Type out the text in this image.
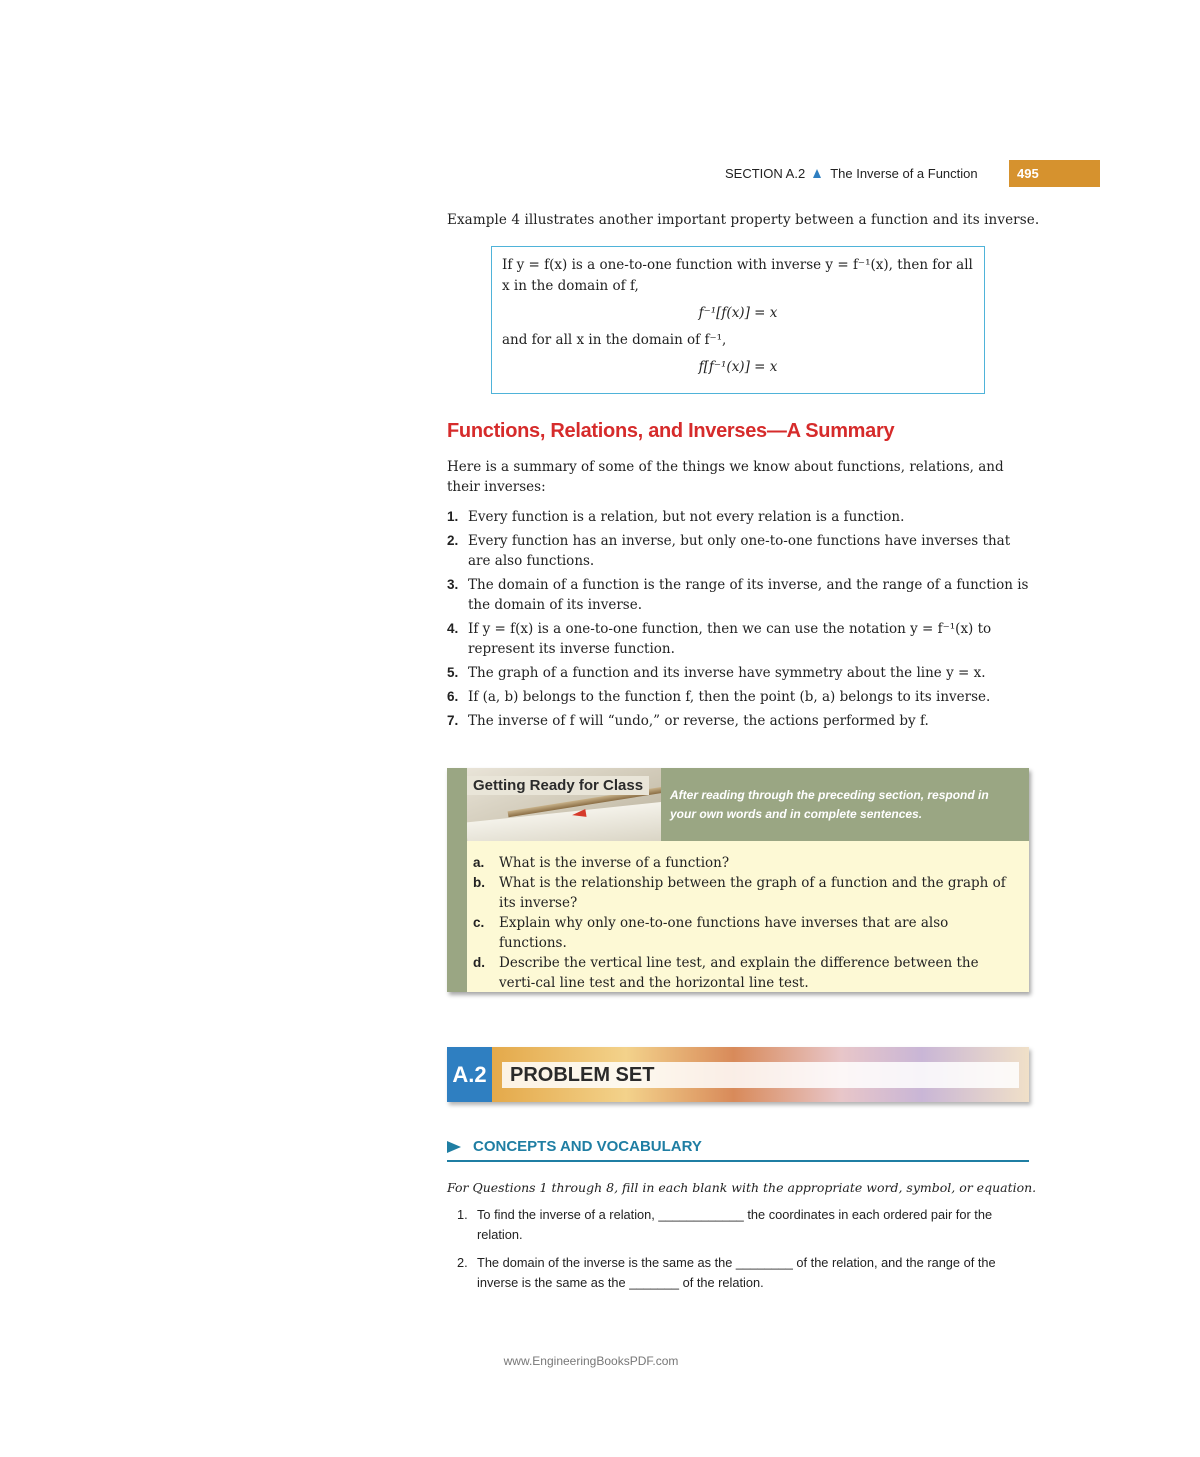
SECTION A.2 The Inverse of a Function	495

Example 4 illustrates another important property between a function and its inverse.

If y = f(x) is a one-to-one function with inverse y = f⁻¹(x), then for all x in the domain of f,
f⁻¹[f(x)] = x
and for all x in the domain of f⁻¹,
f[f⁻¹(x)] = x
Functions, Relations, and Inverses—A Summary

Here is a summary of some of the things we know about functions, relations, and their inverses:

1. Every function is a relation, but not every relation is a function.
2. Every function has an inverse, but only one-to-one functions have inverses that are also functions.
3. The domain of a function is the range of its inverse, and the range of a function is the domain of its inverse.
4. If y = f(x) is a one-to-one function, then we can use the notation y = f⁻¹(x) to represent its inverse function.
5. The graph of a function and its inverse have symmetry about the line y = x.
6. If (a, b) belongs to the function f, then the point (b, a) belongs to its inverse.
7. The inverse of f will “undo,” or reverse, the actions performed by f.
Getting Ready for Class
After reading through the preceding section, respond in your own words and in complete sentences.
a.	What is the inverse of a function?
b.	What is the relationship between the graph of a function and the graph of its inverse?
c.	Explain why only one-to-one functions have inverses that are also functions.
d.	Describe the vertical line test, and explain the difference between the verti-cal line test and the horizontal line test.
A.2 PROBLEM SET
CONCEPTS AND VOCABULARY

For Questions 1 through 8, fill in each blank with the appropriate word, symbol, or equation.

1. To find the inverse of a relation, ____________ the coordinates in each ordered pair for the relation.
2. The domain of the inverse is the same as the ________ of the relation, and the range of the inverse is the same as the _______ of the relation.
www.EngineeringBooksPDF.com
